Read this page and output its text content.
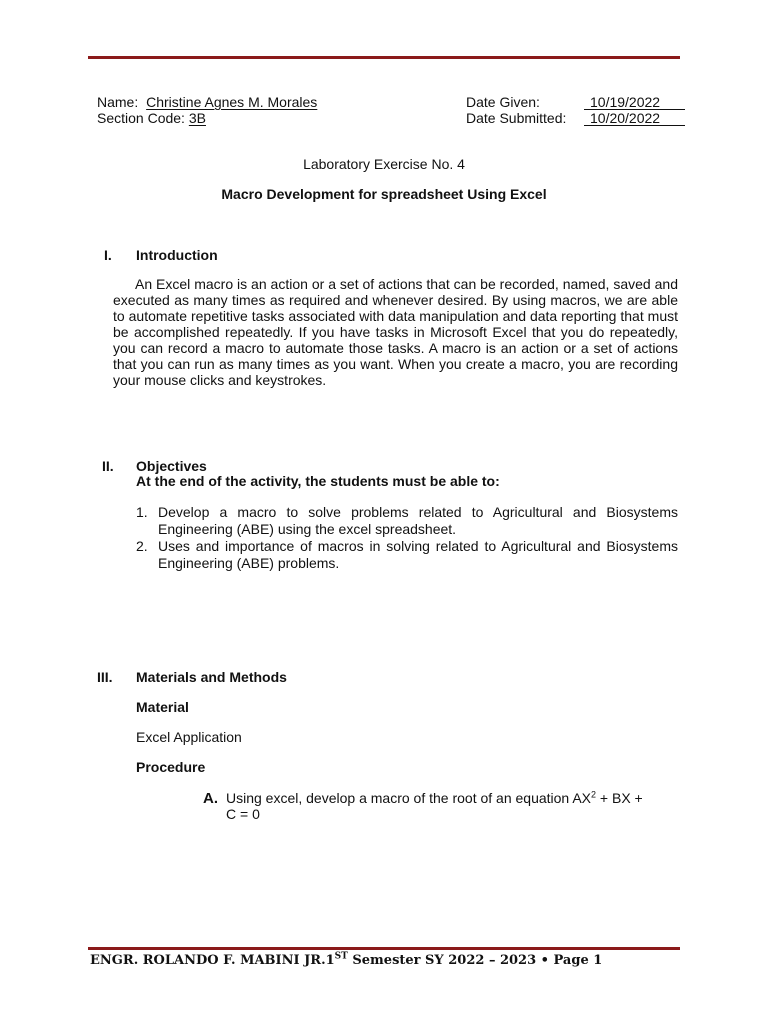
Name: Christine Agnes M. Morales
Section Code: 3B
Date Given:	10/19/2022
Date Submitted:	10/20/2022
Laboratory Exercise No. 4
Macro Development for spreadsheet Using Excel
I. Introduction
An Excel macro is an action or a set of actions that can be recorded, named, saved and executed as many times as required and whenever desired. By using macros, we are able to automate repetitive tasks associated with data manipulation and data reporting that must be accomplished repeatedly. If you have tasks in Microsoft Excel that you do repeatedly, you can record a macro to automate those tasks. A macro is an action or a set of actions that you can run as many times as you want. When you create a macro, you are recording your mouse clicks and keystrokes.
II. Objectives
At the end of the activity, the students must be able to:
1. Develop a macro to solve problems related to Agricultural and Biosystems Engineering (ABE) using the excel spreadsheet.
2. Uses and importance of macros in solving related to Agricultural and Biosystems Engineering (ABE) problems.
III. Materials and Methods
Material
Excel Application
Procedure
A. Using excel, develop a macro of the root of an equation $AX^2$ + BX +
C = 0
ENGR. ROLANDO F. MABINI JR.1ST Semester SY 2022 – 2023 • Page 1
